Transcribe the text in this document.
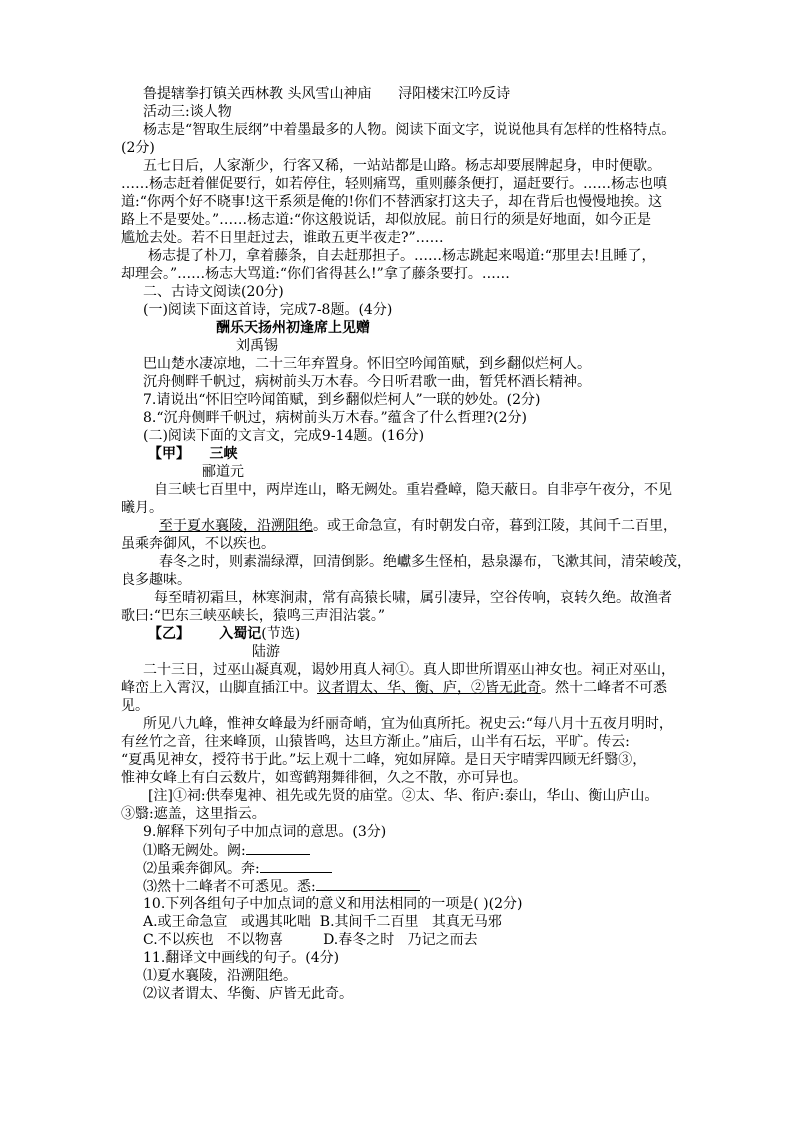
鲁提辖拳打镇关西林教 头风雪山神庙      浔阳楼宋江吟反诗
活动三:谈人物
杨志是“智取生辰纲”中着墨最多的人物。阅读下面文字，说说他具有怎样的性格特点。
(2分)
五七日后，人家渐少，行客又稀，一站站都是山路。杨志却要展牌起身，申时便歇。
……杨志赶着催促要行，如若停住，轻则痛骂，重则藤条便打，逼赶要行。……杨志也嗔
道:“你两个好不晓事!这干系须是俺的!你们不替洒家打这夫子，却在背后也慢慢地挨。这
路上不是要处。”……杨志道:“你这般说话，却似放屁。前日行的须是好地面，如今正是
尴尬去处。若不日里赶过去，谁敢五更半夜走?”……
杨志提了朴刀，拿着藤条，自去赶那担子。……杨志跳起来喝道:“那里去!且睡了，
却理会。”……杨志大骂道:“你们省得甚么!”拿了藤条要打。……
二、古诗文阅读(20分)
(一)阅读下面这首诗，完成7-8题。(4分)
酬乐天扬州初逢席上见赠
刘禹锡
巴山楚水凄凉地，二十三年弃置身。怀旧空吟闻笛赋，到乡翻似烂柯人。
沉舟侧畔千帆过，病树前头万木春。今日听君歌一曲，暂凭杯酒长精神。
7.请说出“怀旧空吟闻笛赋，到乡翻似烂柯人”一联的妙处。(2分)
8.“沉舟侧畔千帆过，病树前头万木春。”蕴含了什么哲理?(2分)
(二)阅读下面的文言文，完成9-14题。(16分)
【甲】    三峡
郦道元
自三峡七百里中，两岸连山，略无阙处。重岩叠嶂，隐天蔽日。自非亭午夜分，不见
曦月。
至于夏水襄陵，沿溯阻绝。或王命急宣，有时朝发白帝，暮到江陵，其间千二百里，
虽乘奔御风，不以疾也。
春冬之时，则素湍绿潭，回清倒影。绝巘多生怪柏，悬泉瀑布，飞漱其间，清荣峻茂，
良多趣味。
每至晴初霜旦，林寒涧肃，常有高猿长啸，属引凄异，空谷传响，哀转久绝。故渔者
歌曰:“巴东三峡巫峡长，猿鸣三声泪沾裳。”
【乙】      入蜀记(节选)
陆游
二十三日，过巫山凝真观，谒妙用真人祠①。真人即世所谓巫山神女也。祠正对巫山，
峰峦上入霄汉，山脚直插江中。议者谓太、华、衡、庐，②皆无此奇。然十二峰者不可悉
见。
所见八九峰，惟神女峰最为纤丽奇峭，宜为仙真所托。祝史云:“每八月十五夜月明时，
有丝竹之音，往来峰顶，山猿皆鸣，达旦方渐止。”庙后，山半有石坛，平旷。传云:
“夏禹见神女，授符书于此。”坛上观十二峰，宛如屏障。是日天宇晴霁四顾无纤翳③，
惟神女峰上有白云数片，如鸾鹤翔舞徘徊，久之不散，亦可异也。
[注]①祠:供奉鬼神、祖先或先贤的庙堂。②太、华、衔庐:泰山，华山、衡山庐山。
③翳:遮盖，这里指云。
9.解释下列句子中加点词的意思。(3分)
⑴略无阙处。阙:
⑵虽乘奔御风。奔:
⑶然十二峰者不可悉见。悉:
10.下列各组句子中加点词的意义和用法相同的一项是( )(2分)
A.或王命急宣   或遇其叱咄  B.其间千二百里   其真无马邪
C.不以疾也   不以物喜         D.春冬之时   乃记之而去
11.翻译文中画线的句子。(4分)
⑴夏水襄陵，沿溯阻绝。
⑵议者谓太、华衡、庐皆无此奇。
